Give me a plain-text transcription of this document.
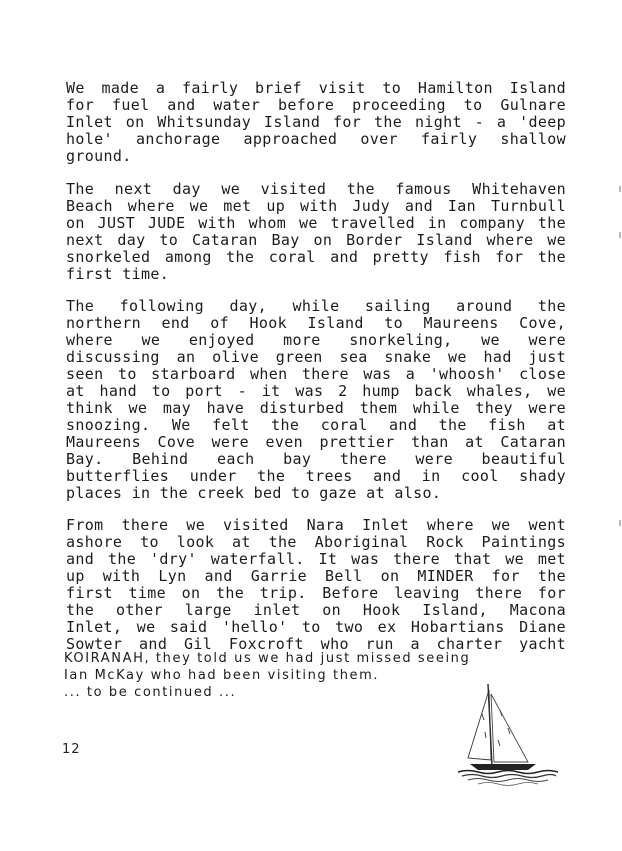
We made a fairly brief visit to Hamilton Island
for fuel and water before proceeding to Gulnare
Inlet on Whitsunday Island for the night - a 'deep
hole' anchorage approached over fairly shallow
ground.
The next day we visited the famous Whitehaven
Beach where we met up with Judy and Ian Turnbull
on JUST JUDE with whom we travelled in company the
next day to Cataran Bay on Border Island where we
snorkeled among the coral and pretty fish for the
first time.
The following day, while sailing around the
northern end of Hook Island to Maureens Cove,
where we enjoyed more snorkeling, we were
discussing an olive green sea snake we had just
seen to starboard when there was a 'whoosh' close
at hand to port - it was 2 hump back whales, we
think we may have disturbed them while they were
snoozing. We felt the coral and the fish at
Maureens Cove were even prettier than at Cataran
Bay. Behind each bay there were beautiful
butterflies under the trees and in cool shady
places in the creek bed to gaze at also.
From there we visited Nara Inlet where we went
ashore to look at the Aboriginal Rock Paintings
and the 'dry' waterfall. It was there that we met
up with Lyn and Garrie Bell on MINDER for the
first time on the trip. Before leaving there for
the other large inlet on Hook Island, Macona
Inlet, we said 'hello' to two ex Hobartians Diane
Sowter and Gil Foxcroft who run a charter yacht
KOIRANAH, they told us we had just missed seeing
Ian McKay who had been visiting them.
... to be continued ...
12
